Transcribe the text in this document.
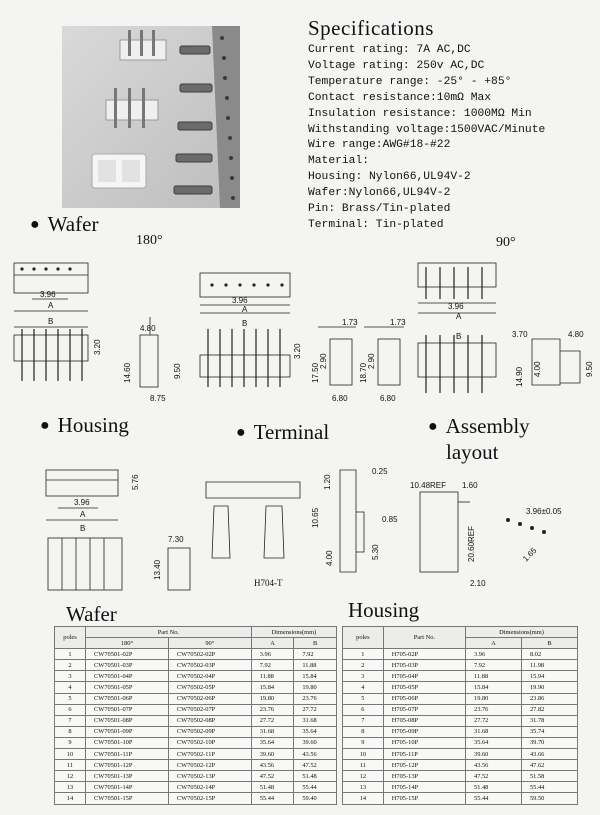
Specifications
Current rating: 7A AC,DC
Voltage rating: 250v AC,DC
Temperature range: -25° - +85°
Contact resistance:10mΩ Max
Insulation resistance: 1000MΩ Min
Withstanding voltage:1500VAC/Minute
Wire range:AWG#18-#22
Material:
Housing: Nylon66,UL94V-2
Wafer:Nylon66,UL94V-2
Pin: Brass/Tin-plated
Terminal: Tin-plated
● Wafer
180°	90°
3.96
A
B
4.80
3.20
14.60	9.50
8.75
3.96
A
B
3.20
1.73	1.73
17.50
2.90
18.70
2.90
6.80	6.80
3.96
A
B	3.70	4.80
14.90 4.00	9.50
● Housing	● Terminal	● Assembly
layout
3.96
A
B
5.76
7.30
13.40
0.25
1.20
10.65	0.85
5.30
4.00
H704-T
10.48REF 1.60
20.60REF
2.10
3.96±0.05
1.65
Wafer	Housing
poles	Part No.		Dimensions(mm)	
	180°	90°	A	B
1	CW70501-02P	CW70502-02P	3.96	7.92
2	CW70501-03P	CW70502-03P	7.92	11.88
3	CW70501-04P	CW70502-04P	11.88	15.84
4	CW70501-05P	CW70502-05P	15.84	19.80
5	CW70501-06P	CW70502-06P	19.80	23.76
6	CW70501-07P	CW70502-07P	23.76	27.72
7	CW70501-08P	CW70502-08P	27.72	31.68
8	CW70501-09P	CW70502-09P	31.68	35.64
9	CW70501-10P	CW70502-10P	35.64	39.60
10	CW70501-11P	CW70502-11P	39.60	43.56
11	CW70501-12P	CW70502-12P	43.56	47.52
12	CW70501-13P	CW70502-13P	47.52	51.48
13	CW70501-14P	CW70502-14P	51.48	55.44
14	CW70501-15P	CW70502-15P	55.44	59.40
poles	Part No.	Dimensions(mm)	
		A	B
1	H705-02P	3.96	8.02
2	H705-03P	7.92	11.98
3	H705-04P	11.88	15.94
4	H705-05P	15.84	19.90
5	H705-06P	19.80	23.86
6	H705-07P	23.76	27.82
7	H705-08P	27.72	31.78
8	H705-09P	31.68	35.74
9	H705-10P	35.64	39.70
10	H705-11P	39.60	43.66
11	H705-12P	43.56	47.62
12	H705-13P	47.52	51.58
13	H705-14P	51.48	55.44
14	H705-15P	55.44	59.50
